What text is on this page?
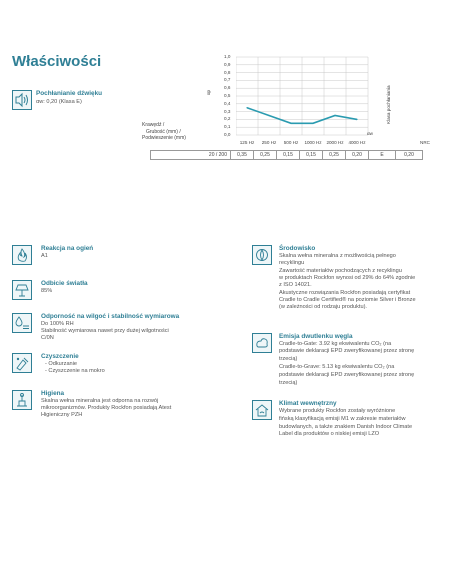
Właściwości
Pochłanianie dźwięku
αw: 0,20 (Klasa E)
αp
1,0
0,9
0,8
0,7
0,6
0,5
0,4
0,3
0,2
0,1
0,0
Krawędź /
Grubość (mm) /
Podwieszenie (mm)
125 Hz	250 Hz	500 Hz	1000 Hz	2000 Hz	4000 Hz
αw
Klasa pochłaniania
NRC
20 / 200	0,35	0,25	0,15	0,15	0,25	0,20	E	0,20
Reakcja na ogień
A1
Odbicie światła
85%
Odporność na wilgoć i stabilność wymiarowa
Do 100% RH
Stabilność wymiarowa nawet przy dużej wilgotności
C/0N
Czyszczenie
- Odkurzanie
- Czyszczenie na mokro
Higiena
Skalna wełna mineralna jest odporna na rozwój
mikroorganizmów. Produkty Rockfon posiadają Atest
Higieniczny PZH
Środowisko
Skalna wełna mineralna z możliwością pełnego
recyklingu
Zawartość materiałów pochodzących z recyklingu
w produktach Rockfon wynosi od 29% do 64% zgodnie
z ISO 14021.
Akustyczne rozwiązania Rockfon posiadają certyfikat
Cradle to Cradle Certified® na poziomie Silver i Bronze
(w zależności od rodzaju produktu).
Emisja dwutlenku węgla
Cradle-to-Gate: 3.92 kg ekwiwalentu CO₂ (na
podstawie deklaracji EPD zweryfikowanej przez stronę
trzecią)
Cradle-to-Grave: 5.13 kg ekwiwalentu CO₂ (na
podstawie deklaracji EPD zweryfikowanej przez stronę
trzecią)
Klimat wewnętrzny
Wybrane produkty Rockfon zostały wyróżnione
fińską klasyfikacją emisji M1 w zakresie materiałów
budowlanych, a także znakiem Danish Indoor Climate
Label dla produktów o niskiej emisji LZO
